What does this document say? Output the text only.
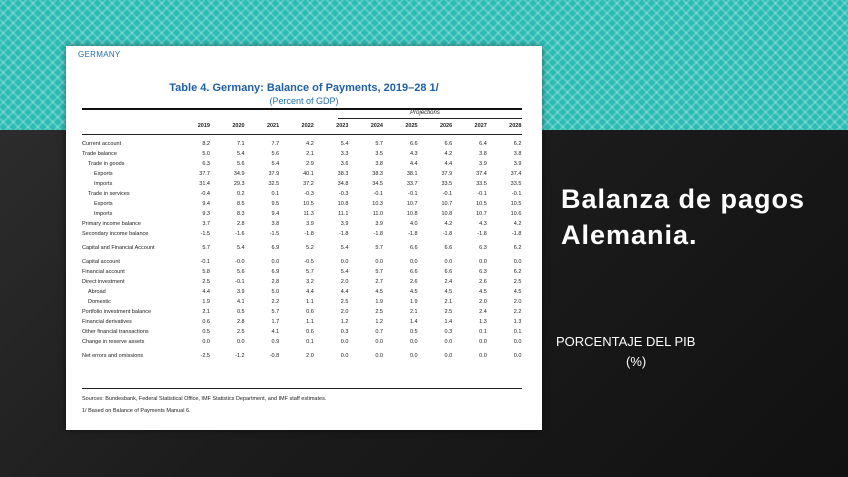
GERMANY
Table 4. Germany: Balance of Payments, 2019–28 1/
(Percent of GDP)
Projections
2019	2020	2021	2022	2023	2024	2025	2026	2027	2028
Current account	8.2	7.1	7.7	4.2	5.4	5.7	6.6	6.6	6.4	6.2
Trade balance	5.0	5.4	5.6	2.1	3.3	3.5	4.3	4.2	3.8	3.8
Trade in goods	6.3	5.6	5.4	2.9	3.6	3.8	4.4	4.4	3.9	3.9
Exports	37.7	34.9	37.9	40.1	38.3	38.3	38.1	37.9	37.4	37.4
Imports	31.4	29.3	32.5	37.2	34.8	34.5	33.7	33.5	33.5	33.5
Trade in services	-0.4	0.2	0.1	-0.3	-0.3	-0.1	-0.1	-0.1	-0.1	-0.1
Exports	9.4	8.5	9.5	10.5	10.8	10.3	10.7	10.7	10.5	10.5
Imports	9.3	8.3	9.4	11.3	11.1	11.0	10.8	10.8	10.7	10.6
Primary income balance	3.7	2.8	3.8	3.9	3.9	3.9	4.0	4.2	4.3	4.2
Secondary income balance	-1.5	-1.6	-1.5	-1.8	-1.8	-1.8	-1.8	-1.8	-1.8	-1.8
Capital and Financial Account	5.7	5.4	6.9	5.2	5.4	5.7	6.6	6.6	6.3	6.2
Capital account	-0.1	-0.0	0.0	-0.5	0.0	0.0	0.0	0.0	0.0	0.0
Financial account	5.8	5.6	6.9	5.7	5.4	5.7	6.6	6.6	6.3	6.2
Direct investment	2.5	-0.1	2.8	3.2	2.0	2.7	2.6	2.4	2.6	2.5
Abroad	4.4	3.9	5.0	4.4	4.4	4.5	4.5	4.5	4.5	4.5
Domestic	1.9	4.1	2.2	1.1	2.5	1.9	1.9	2.1	2.0	2.0
Portfolio investment balance	2.1	0.5	5.7	0.6	2.0	2.5	2.1	2.5	2.4	2.2
Financial derivatives	0.6	2.8	1.7	1.1	1.2	1.2	1.4	1.4	1.3	1.3
Other financial transactions	0.5	2.5	4.1	0.6	0.3	0.7	0.5	0.3	0.1	0.1
Change in reserve assets	0.0	0.0	0.9	0.1	0.0	0.0	0.0	0.0	0.0	0.0
Net errors and omissions	-2.5	-1.2	-0.8	2.0	0.0	0.0	0.0	0.0	0.0	0.0
Sources: Bundesbank, Federal Statistical Office, IMF Statistics Department, and IMF staff estimates.
1/ Based on Balance of Payments Manual 6.
Balanza de pagos Alemania.
PORCENTAJE DEL PIB
(%)
